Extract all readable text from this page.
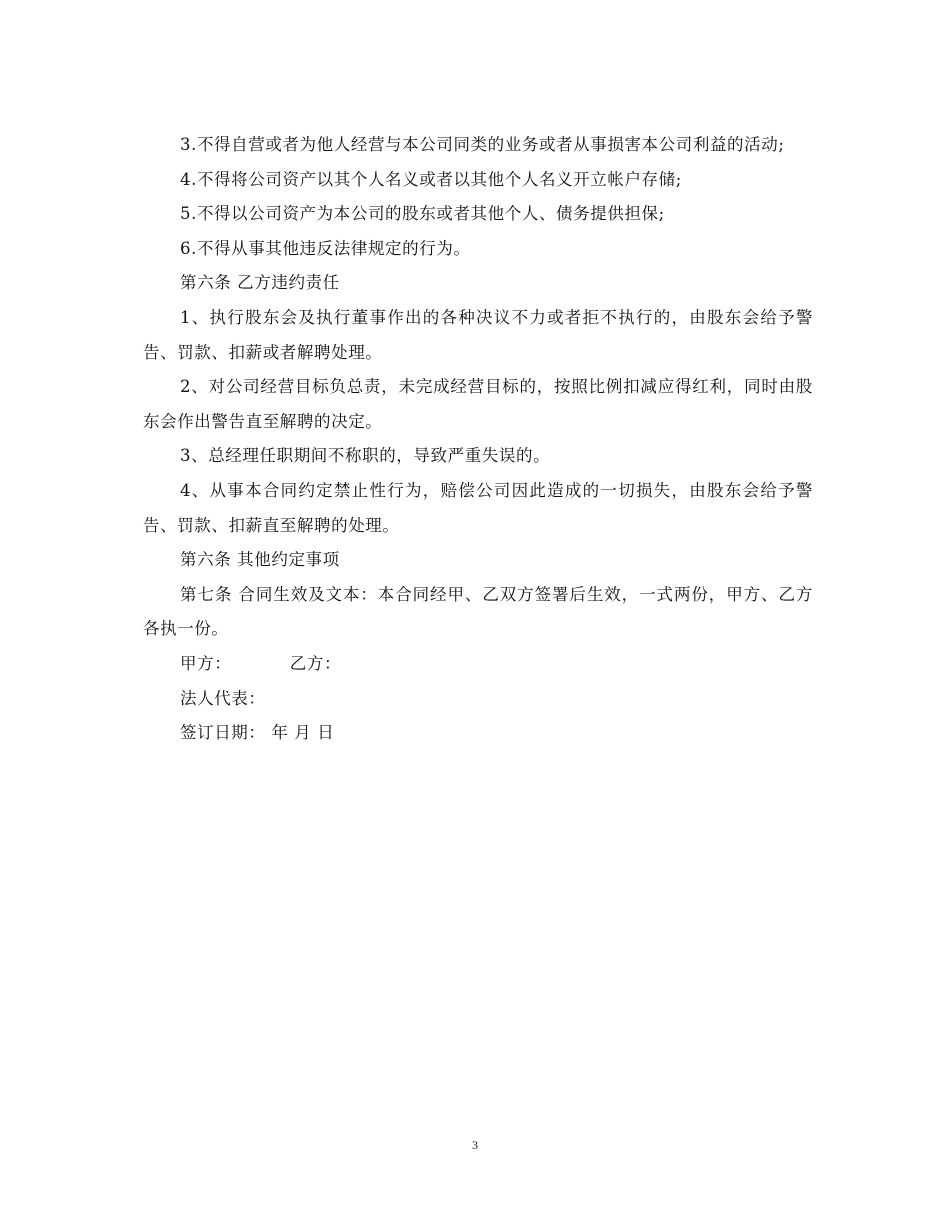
3.不得自营或者为他人经营与本公司同类的业务或者从事损害本公司利益的活动;

4.不得将公司资产以其个人名义或者以其他个人名义开立帐户存储;

5.不得以公司资产为本公司的股东或者其他个人、债务提供担保;

6.不得从事其他违反法律规定的行为。

第六条 乙方违约责任

1、执行股东会及执行董事作出的各种决议不力或者拒不执行的，由股东会给予警告、罚款、扣薪或者解聘处理。

2、对公司经营目标负总责，未完成经营目标的，按照比例扣减应得红利，同时由股东会作出警告直至解聘的决定。

3、总经理任职期间不称职的，导致严重失误的。

4、从事本合同约定禁止性行为，赔偿公司因此造成的一切损失，由股东会给予警告、罚款、扣薪直至解聘的处理。

第六条 其他约定事项

第七条 合同生效及文本：本合同经甲、乙双方签署后生效，一式两份，甲方、乙方各执一份。

甲方：          乙方：

法人代表：

签订日期： 年 月 日

3
